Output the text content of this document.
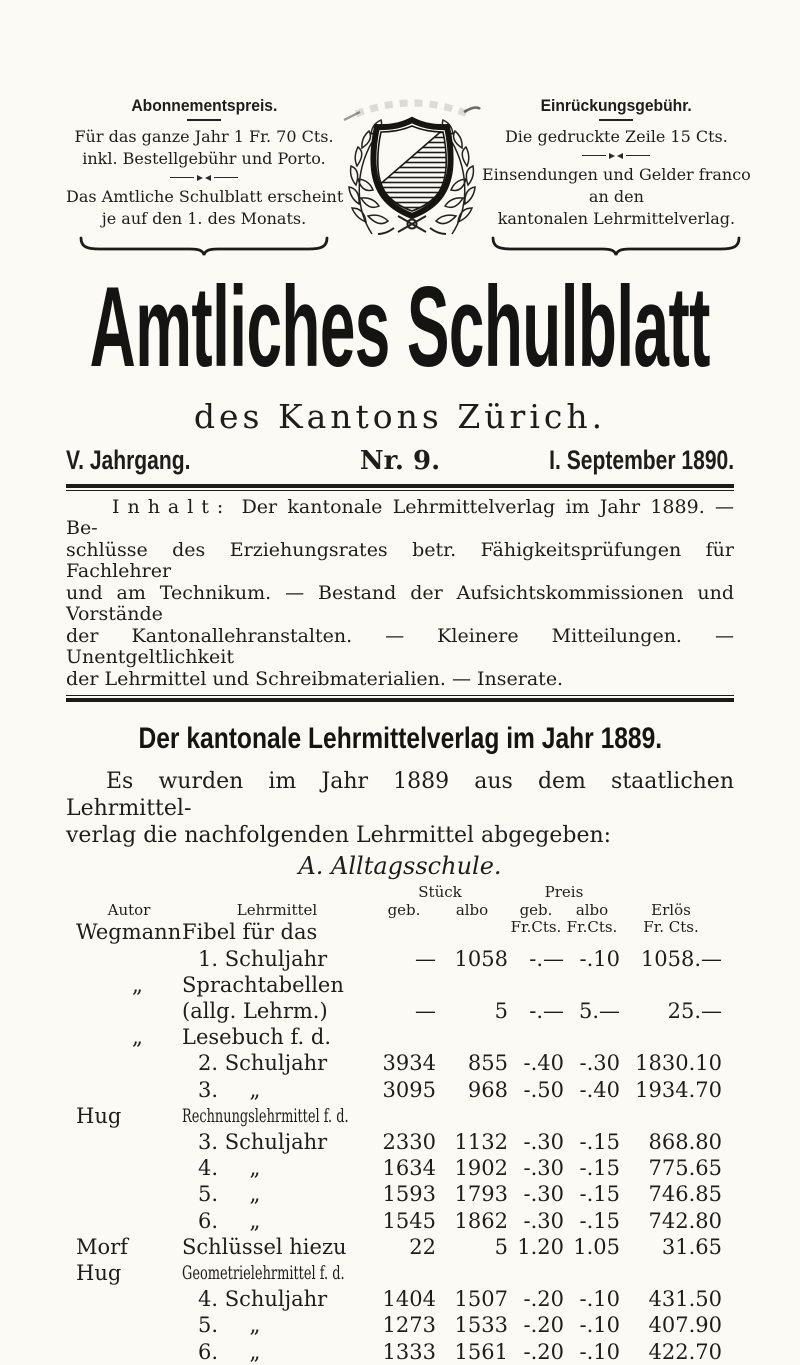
Abonnementspreis.
Für das ganze Jahr 1 Fr. 70 Cts.
inkl. Bestellgebühr und Porto.
Das Amtliche Schulblatt erscheint
je auf den 1. des Monats.
Einrückungsgebühr.
Die gedruckte Zeile 15 Cts.
Einsendungen und Gelder franco
an den
kantonalen Lehrmittelverlag.
Amtliches Schulblatt
des Kantons Zürich.
V. Jahrgang.	Nr. 9.	I. September 1890.
Inhalt: Der kantonale Lehrmittelverlag im Jahr 1889. — Be-
schlüsse des Erziehungsrates betr. Fähigkeitsprüfungen für Fachlehrer
und am Technikum. — Bestand der Aufsichtskommissionen und Vorstände
der Kantonallehranstalten. — Kleinere Mitteilungen. — Unentgeltlichkeit
der Lehrmittel und Schreibmaterialien. — Inserate.
Der kantonale Lehrmittelverlag im Jahr 1889.
Es wurden im Jahr 1889 aus dem staatlichen Lehrmittel-
verlag die nachfolgenden Lehrmittel abgegeben:
A. Alltagsschule.
Stück	Preis
Autor	Lehrmittel	geb.	albo	geb.	albo	Erlös
Fr.Cts. Fr.Cts.	Fr. Cts.
Wegmann Fibel für das
1. Schuljahr	— 1058	-.— -.10 1058.—
„	Sprachtabellen
(allg. Lehrm.)	—	5	-.— 5.—	25.—
„	Lesebuch f. d.
2. Schuljahr	3934	855 -.40 -.30 1830.10
3.  „	3095	968 -.50 -.40 1934.70
Hug	Rechnungslehrmittel f. d.
3. Schuljahr	2330 1132 -.30 -.15	868.80
4.  „	1634 1902 -.30 -.15	775.65
5.  „	1593 1793 -.30 -.15	746.85
6.  „	1545 1862 -.30 -.15	742.80
Morf	Schlüssel hiezu	22	5 1.20 1.05	31.65
Hug	Geometrielehrmittel f. d.
4. Schuljahr	1404 1507 -.20 -.10	431.50
5.  „	1273 1533 -.20 -.10	407.90
6.  „	1333 1561 -.20 -.10	422.70
